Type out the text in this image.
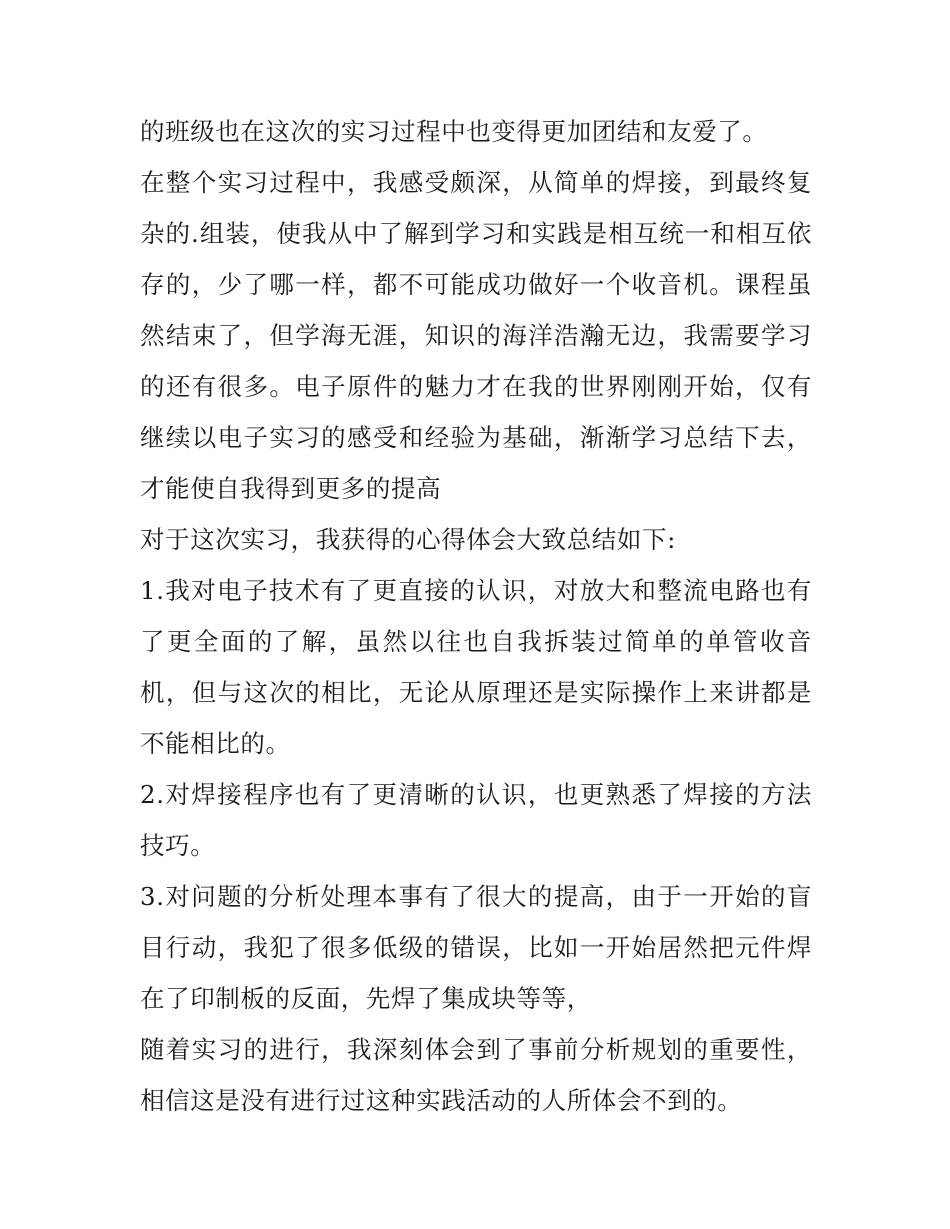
的班级也在这次的实习过程中也变得更加团结和友爱了。

在整个实习过程中，我感受颇深，从简单的焊接，到最终复杂的.组装，使我从中了解到学习和实践是相互统一和相互依存的，少了哪一样，都不可能成功做好一个收音机。课程虽然结束了，但学海无涯，知识的海洋浩瀚无边，我需要学习的还有很多。电子原件的魅力才在我的世界刚刚开始，仅有继续以电子实习的感受和经验为基础，渐渐学习总结下去，才能使自我得到更多的提高

对于这次实习，我获得的心得体会大致总结如下:

1.我对电子技术有了更直接的认识，对放大和整流电路也有了更全面的了解，虽然以往也自我拆装过简单的单管收音机，但与这次的相比，无论从原理还是实际操作上来讲都是不能相比的。

2.对焊接程序也有了更清晰的认识，也更熟悉了焊接的方法技巧。

3.对问题的分析处理本事有了很大的提高，由于一开始的盲目行动，我犯了很多低级的错误，比如一开始居然把元件焊在了印制板的反面，先焊了集成块等等，

随着实习的进行，我深刻体会到了事前分析规划的重要性，相信这是没有进行过这种实践活动的人所体会不到的。
